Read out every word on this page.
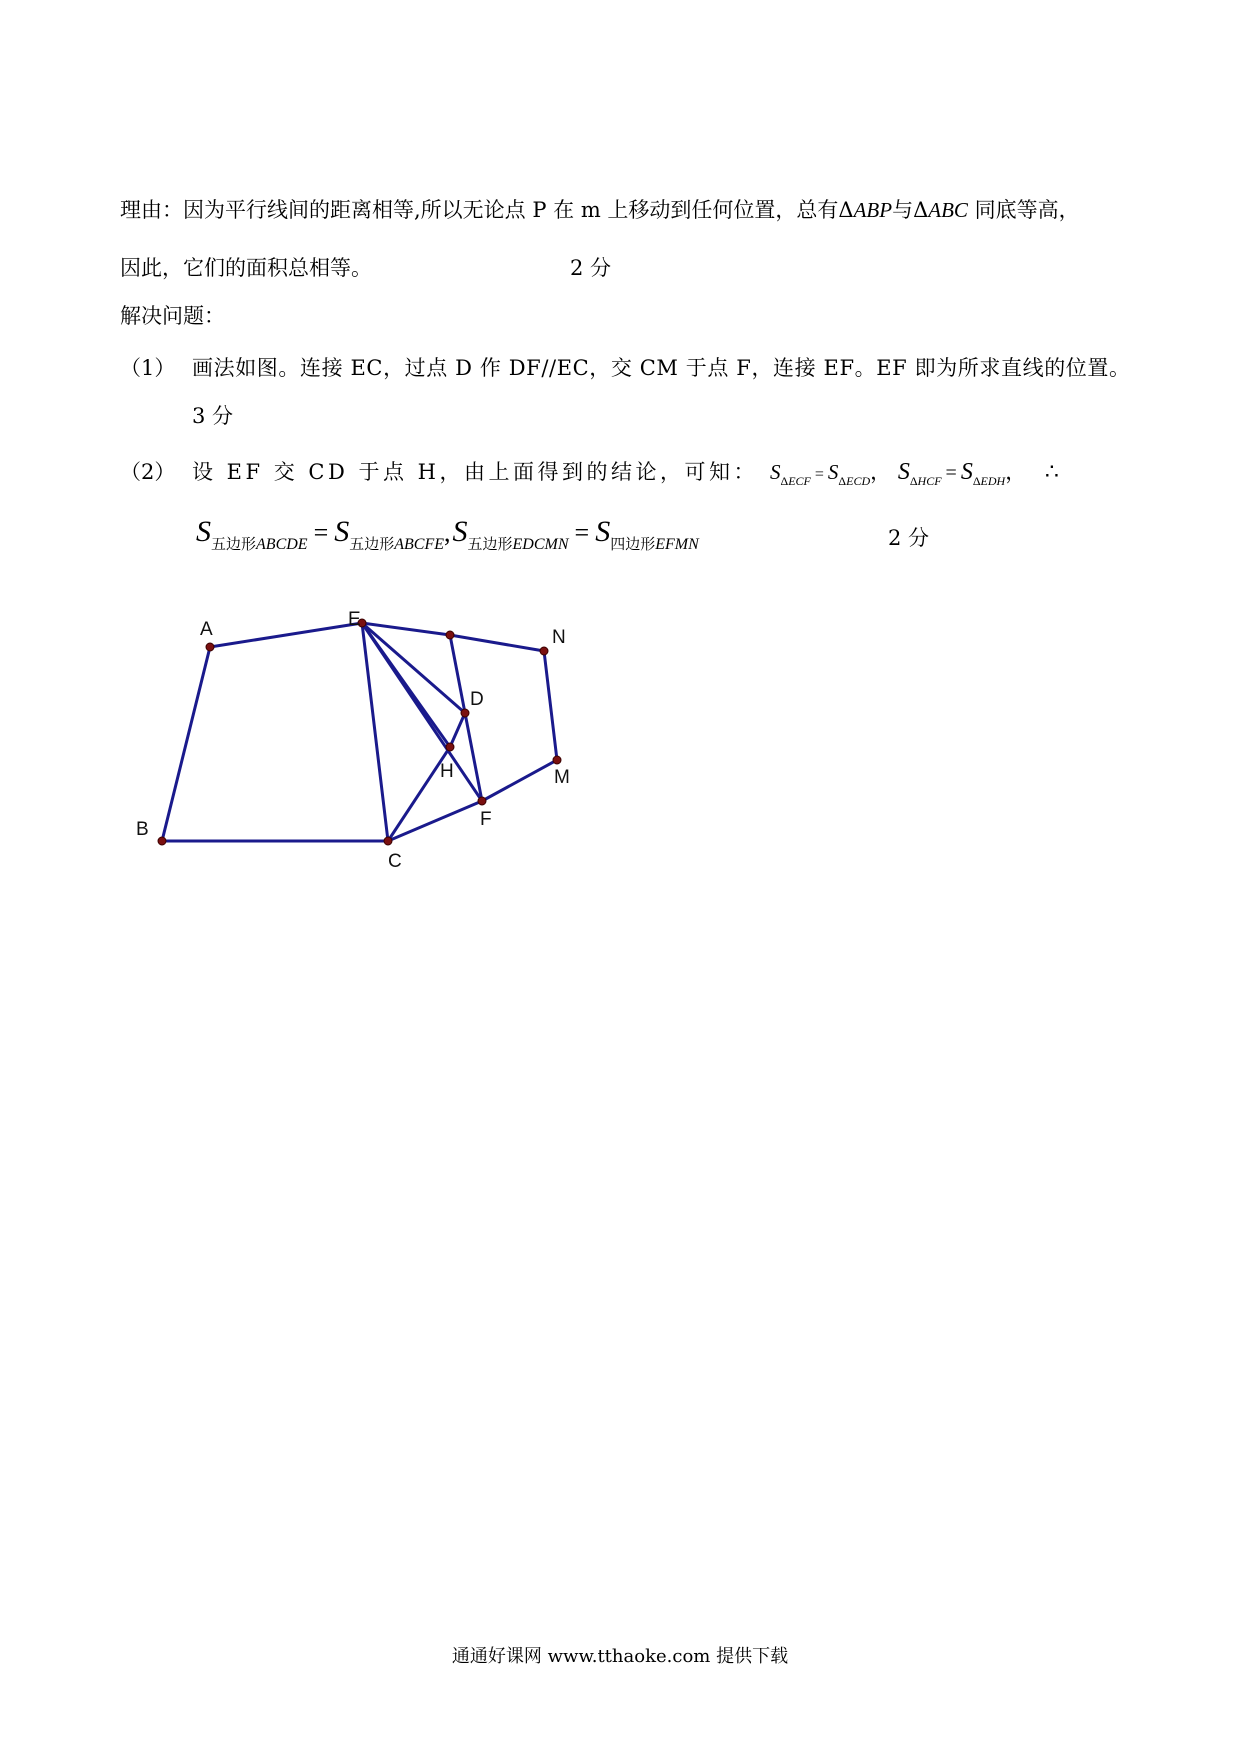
理由：因为平行线间的距离相等,所以无论点 P 在 m 上移动到任何位置，总有ΔABP与ΔABC 同底等高，
因此，它们的面积总相等。	2 分
解决问题：
（1） 画法如图。连接 EC，过点 D 作 DF//EC，交 CM 于点 F，连接 EF。EF 即为所求直线的位置。
3 分
（2） 设 EF 交 CD 于点 H，由上面得到的结论，可知： $S_{\Delta ECF} = S_{\Delta ECD}$， $S_{\Delta HCF} = S_{\Delta EDH}$， ∴
$S_{五边形ABCDE} = S_{五边形ABCFE},S_{五边形EDCMN} = S_{四边形EFMN}$	2 分
A	E
N
D
H	M
B	F
C
通通好课网 www.tthaoke.com 提供下载
